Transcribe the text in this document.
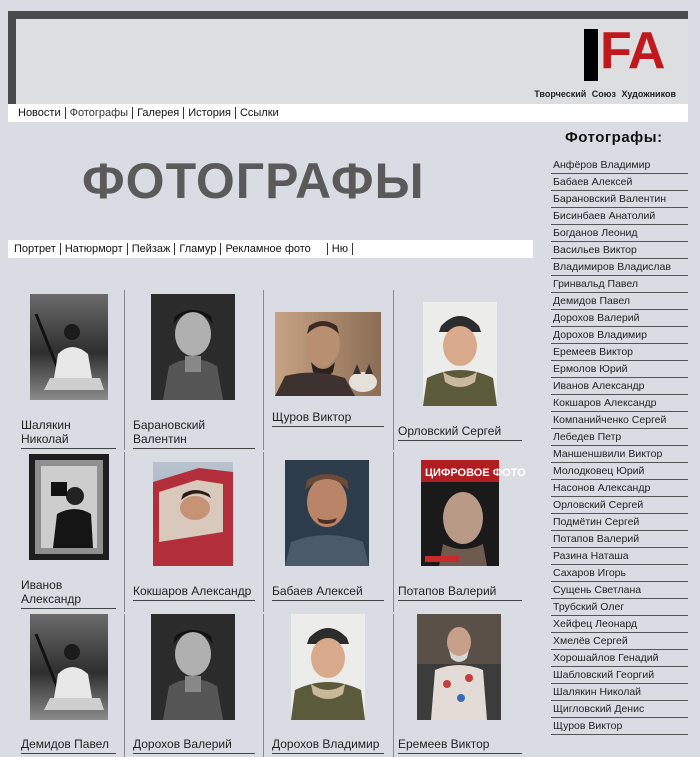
FA
Творческий Союз Художников
Новости Фотографы Галерея История Ссылки
ФОТОГРАФЫ
Портрет Натюрморт Пейзаж Гламур Рекламное фото	Ню
Шалякин Николай
Барановский Валентин
Щуров Виктор
Орловский Сергей
Иванов Александр
Кокшаров Александр	Бабаев Алексей
ЦИФРОВОЕ ФОТО
Потапов Валерий
Демидов Павел	Дорохов Валерий	Дорохов Владимир	Еремеев Виктор
Фотографы:
Анфёров Владимир
Бабаев Алексей
Барановский Валентин
Бисинбаев Анатолий
Богданов Леонид
Васильев Виктор
Владимиров Владислав
Гринвальд Павел
Демидов Павел
Дорохов Валерий
Дорохов Владимир
Еремеев Виктор
Ермолов Юрий
Иванов Александр
Кокшаров Александр
Компанийченко Сергей
Лебедев Петр
Маншеншвили Виктор
Молодковец Юрий
Насонов Александр
Орловский Сергей
Подмётин Сергей
Потапов Валерий
Разина Наташа
Сахаров Игорь
Сущень Светлана
Трубский Олег
Хейфец Леонард
Хмелёв Сергей
Хорошайлов Генадий
Шабловский Георгий
Шалякин Николай
Щигловский Денис
Щуров Виктор
